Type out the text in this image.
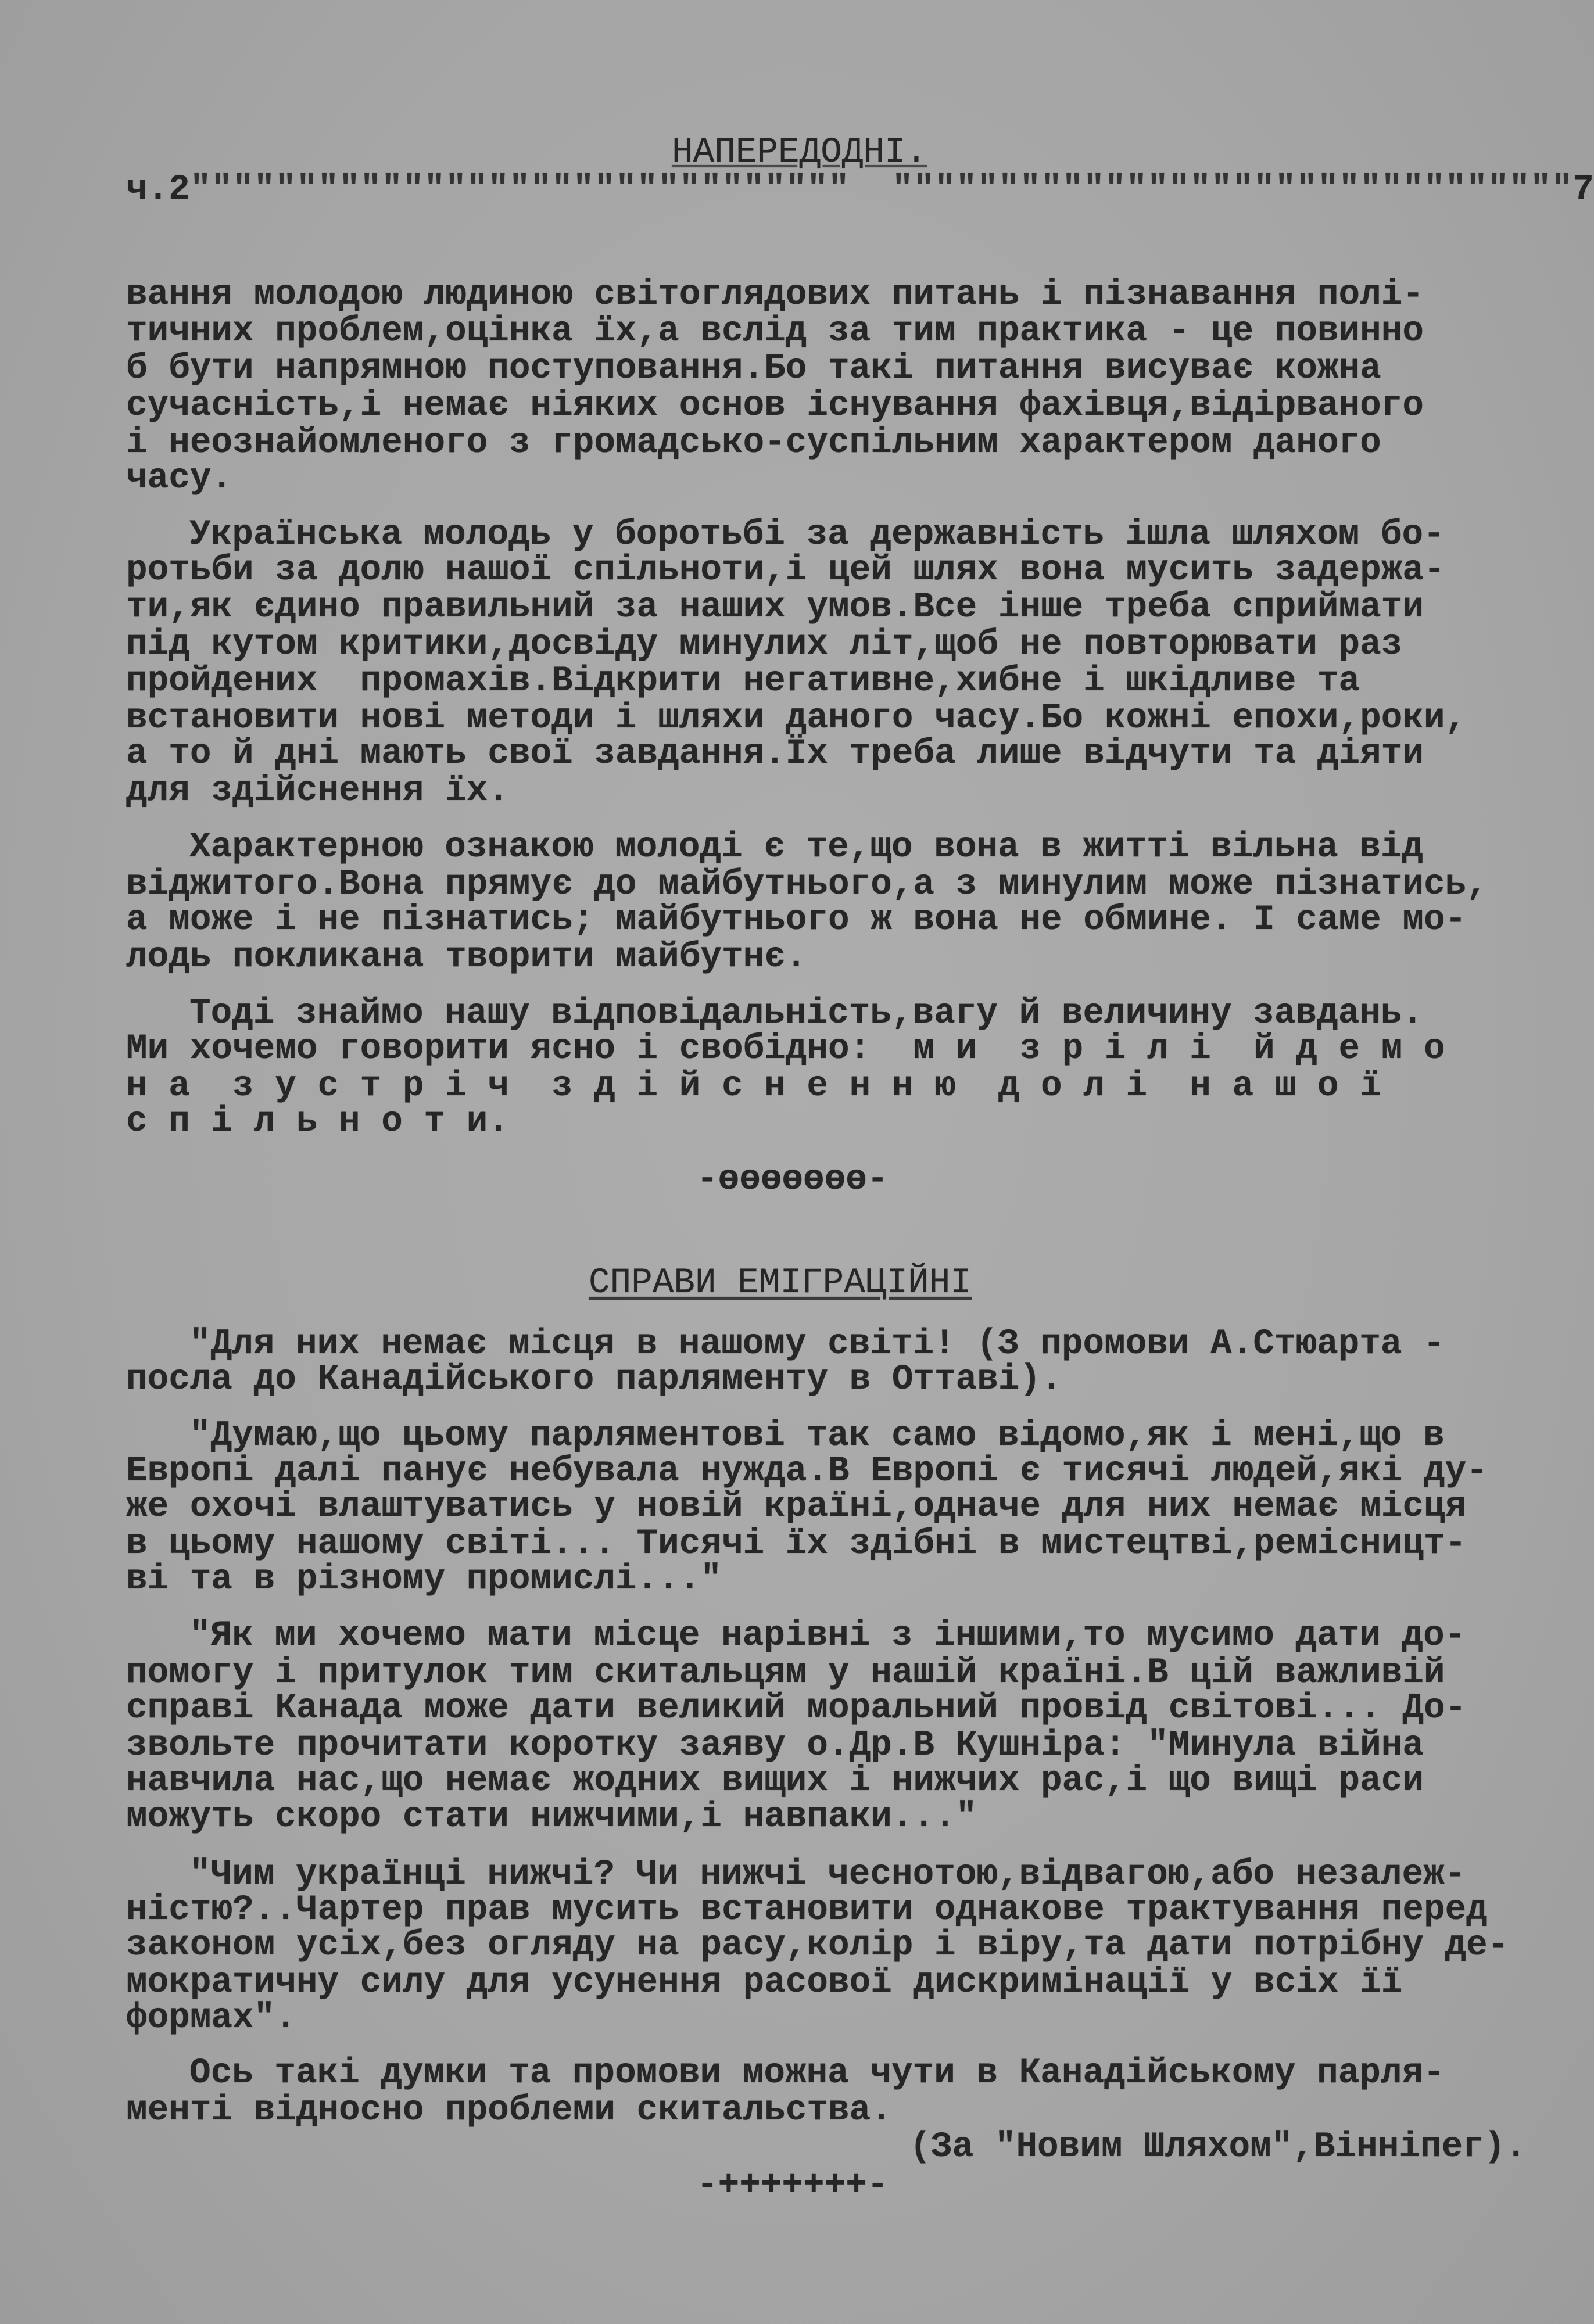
НАПЕРЕДОДНІ.
ч.2"""""""""""""""""""""""""""""""  """"""""""""""""""""""""""""""""7
вання молодою людиною світоглядових питань і пізнавання полі-
тичних проблем,оцінка їх,а вслід за тим практика - це повинно
б бути напрямною поступовання.Бо такі питання висуває кожна
сучасність,і немає ніяких основ існування фахівця,відірваного
і неознайомленого з громадсько-суспільним характером даного
часу.
Українська молодь у боротьбі за державність ішла шляхом бо-
ротьби за долю нашої спільноти,і цей шлях вона мусить задержа-
ти,як єдино правильний за наших умов.Все інше треба сприймати
під кутом критики,досвіду минулих літ,щоб не повторювати раз
пройдених  промахів.Відкрити негативне,хибне і шкідливе та
встановити нові методи і шляхи даного часу.Бо кожні епохи,роки,
а то й дні мають свої завдання.Їх треба лише відчути та діяти
для здійснення їх.
Характерною ознакою молоді є те,що вона в житті вільна від
віджитого.Вона прямує до майбутнього,а з минулим може пізнатись,
а може і не пізнатись; майбутнього ж вона не обмине. І саме мо-
лодь покликана творити майбутнє.
Тоді знаймо нашу відповідальність,вагу й величину завдань.
Ми хочемо говорити ясно і свобідно:  м и  з р і л і  й д е м о
н а  з у с т р і ч  з д і й с н е н н ю  д о л і  н а ш о ї
с п і л ь н о т и.
-өөөөөөө-
СПРАВИ ЕМІГРАЦІЙНІ
"Для них немає місця в нашому світі! (З промови А.Стюарта -
посла до Канадійського парляменту в Оттаві).
"Думаю,що цьому парляментові так само відомо,як і мені,що в
Европі далі панує небувала нужда.В Европі є тисячі людей,які ду-
же охочі влаштуватись у новій країні,одначе для них немає місця
в цьому нашому світі... Тисячі їх здібні в мистецтві,ремісницт-
ві та в різному промислі..."
"Як ми хочемо мати місце нарівні з іншими,то мусимо дати до-
помогу і притулок тим скитальцям у нашій країні.В цій важливій
справі Канада може дати великий моральний провід світові... До-
звольте прочитати коротку заяву о.Др.В Кушніра: "Минула війна
навчила нас,що немає жодних вищих і нижчих рас,і що вищі раси
можуть скоро стати нижчими,і навпаки..."
"Чим українці нижчі? Чи нижчі чеснотою,відвагою,або незалеж-
ністю?..Чартер прав мусить встановити однакове трактування перед
законом усіх,без огляду на расу,колір і віру,та дати потрібну де-
мократичну силу для усунення расової дискримінації у всіх її
формах".
Ось такі думки та промови можна чути в Канадійському парля-
менті відносно проблеми скитальства.
(За "Новим Шляхом",Вінніпег).
-+++++++-
